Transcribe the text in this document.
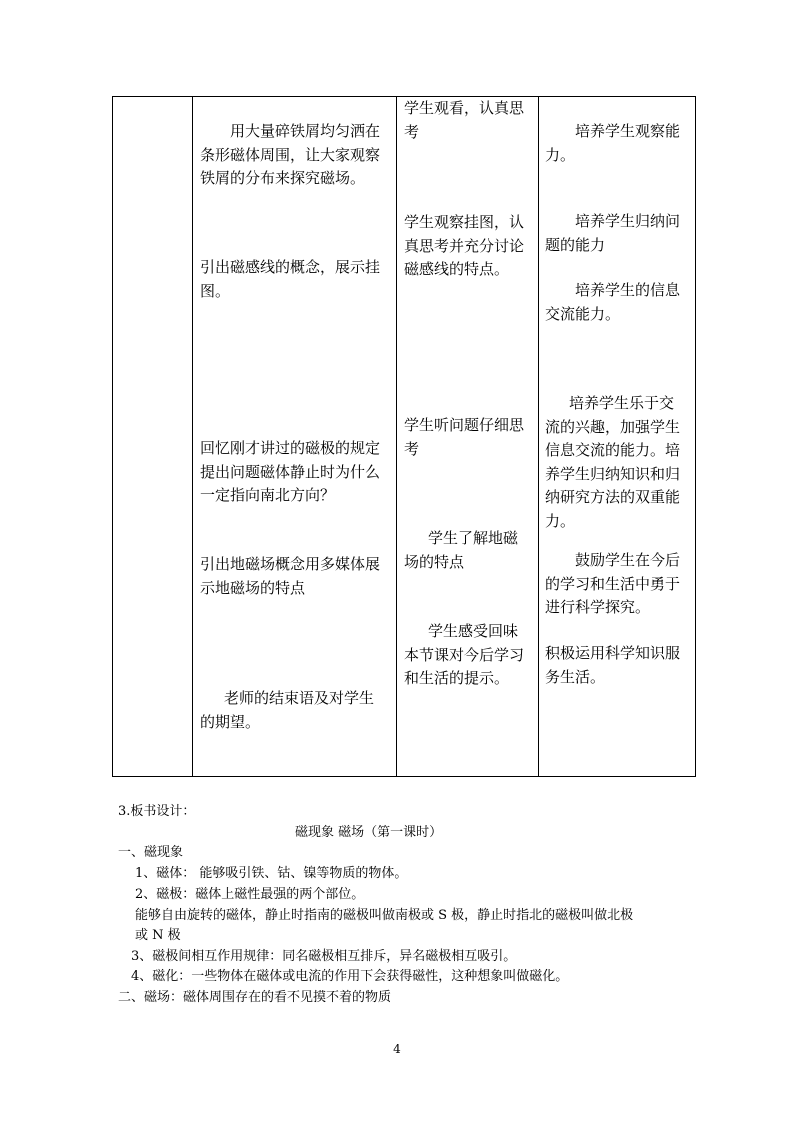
用大量碎铁屑均匀洒在条形磁体周围，让大家观察铁屑的分布来探究磁场。

引出磁感线的概念，展示挂图。

回忆刚才讲过的磁极的规定提出问题磁体静止时为什么一定指向南北方向？

引出地磁场概念用多媒体展示地磁场的特点

老师的结束语及对学生的期望。

学生观看，认真思考

学生观察挂图，认真思考并充分讨论磁感线的特点。

学生听问题仔细思考

学生了解地磁场的特点

学生感受回味本节课对今后学习和生活的提示。

培养学生观察能力。

培养学生归纳问题的能力

培养学生的信息交流能力。

培养学生乐于交流的兴趣，加强学生信息交流的能力。培养学生归纳知识和归纳研究方法的双重能力。

鼓励学生在今后的学习和生活中勇于进行科学探究。

积极运用科学知识服务生活。

3.板书设计：

磁现象 磁场（第一课时）

一、磁现象

1、磁体： 能够吸引铁、钴、镍等物质的物体。

2、磁极：磁体上磁性最强的两个部位。

能够自由旋转的磁体，静止时指南的磁极叫做南极或 S 极，静止时指北的磁极叫做北极

或 N 极

3、磁极间相互作用规律：同名磁极相互排斥，异名磁极相互吸引。

4、磁化：一些物体在磁体或电流的作用下会获得磁性，这种想象叫做磁化。

二、磁场：磁体周围存在的看不见摸不着的物质

4
